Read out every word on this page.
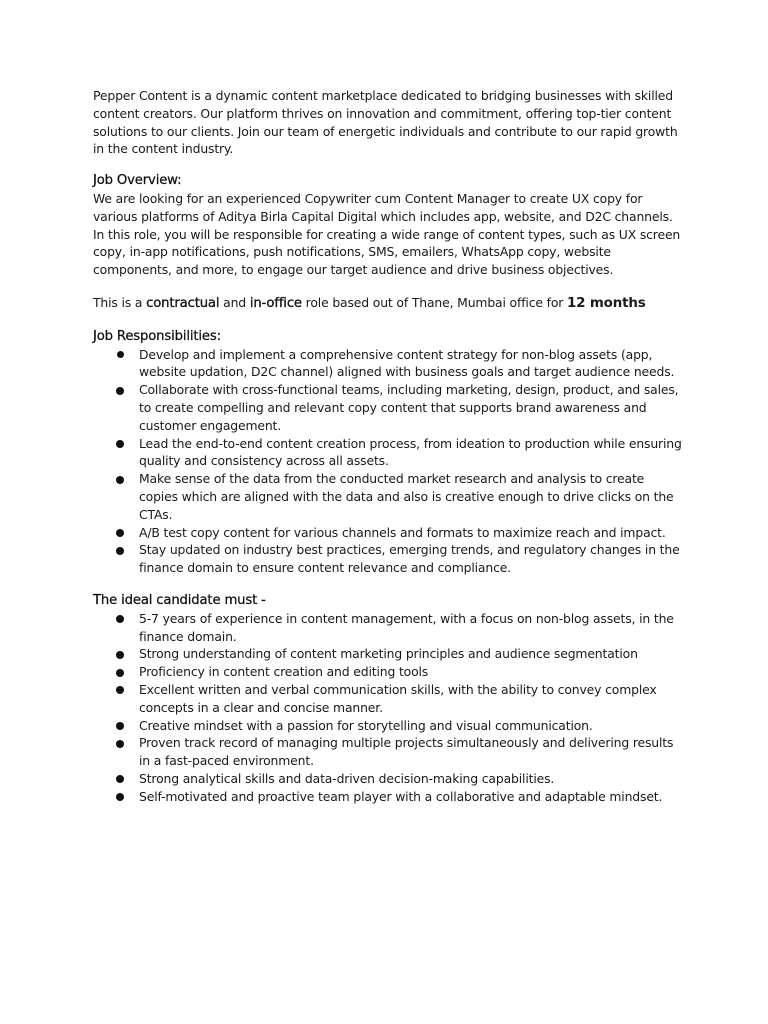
Pepper Content is a dynamic content marketplace dedicated to bridging businesses with skilled content creators. Our platform thrives on innovation and commitment, offering top-tier content solutions to our clients. Join our team of energetic individuals and contribute to our rapid growth in the content industry.

Job Overview:

We are looking for an experienced Copywriter cum Content Manager to create UX copy for various platforms of Aditya Birla Capital Digital which includes app, website, and D2C channels. In this role, you will be responsible for creating a wide range of content types, such as UX screen copy, in-app notifications, push notifications, SMS, emailers, WhatsApp copy, website components, and more, to engage our target audience and drive business objectives.

This is a contractual and in-office role based out of Thane, Mumbai office for 12 months

Job Responsibilities:

Develop and implement a comprehensive content strategy for non-blog assets (app, website updation, D2C channel) aligned with business goals and target audience needs.
Collaborate with cross-functional teams, including marketing, design, product, and sales, to create compelling and relevant copy content that supports brand awareness and customer engagement.
Lead the end-to-end content creation process, from ideation to production while ensuring quality and consistency across all assets.
Make sense of the data from the conducted market research and analysis to create copies which are aligned with the data and also is creative enough to drive clicks on the CTAs.
A/B test copy content for various channels and formats to maximize reach and impact.
Stay updated on industry best practices, emerging trends, and regulatory changes in the finance domain to ensure content relevance and compliance.

The ideal candidate must -

5-7 years of experience in content management, with a focus on non-blog assets, in the finance domain.
Strong understanding of content marketing principles and audience segmentation
Proficiency in content creation and editing tools
Excellent written and verbal communication skills, with the ability to convey complex concepts in a clear and concise manner.
Creative mindset with a passion for storytelling and visual communication.
Proven track record of managing multiple projects simultaneously and delivering results in a fast-paced environment.
Strong analytical skills and data-driven decision-making capabilities.
Self-motivated and proactive team player with a collaborative and adaptable mindset.
